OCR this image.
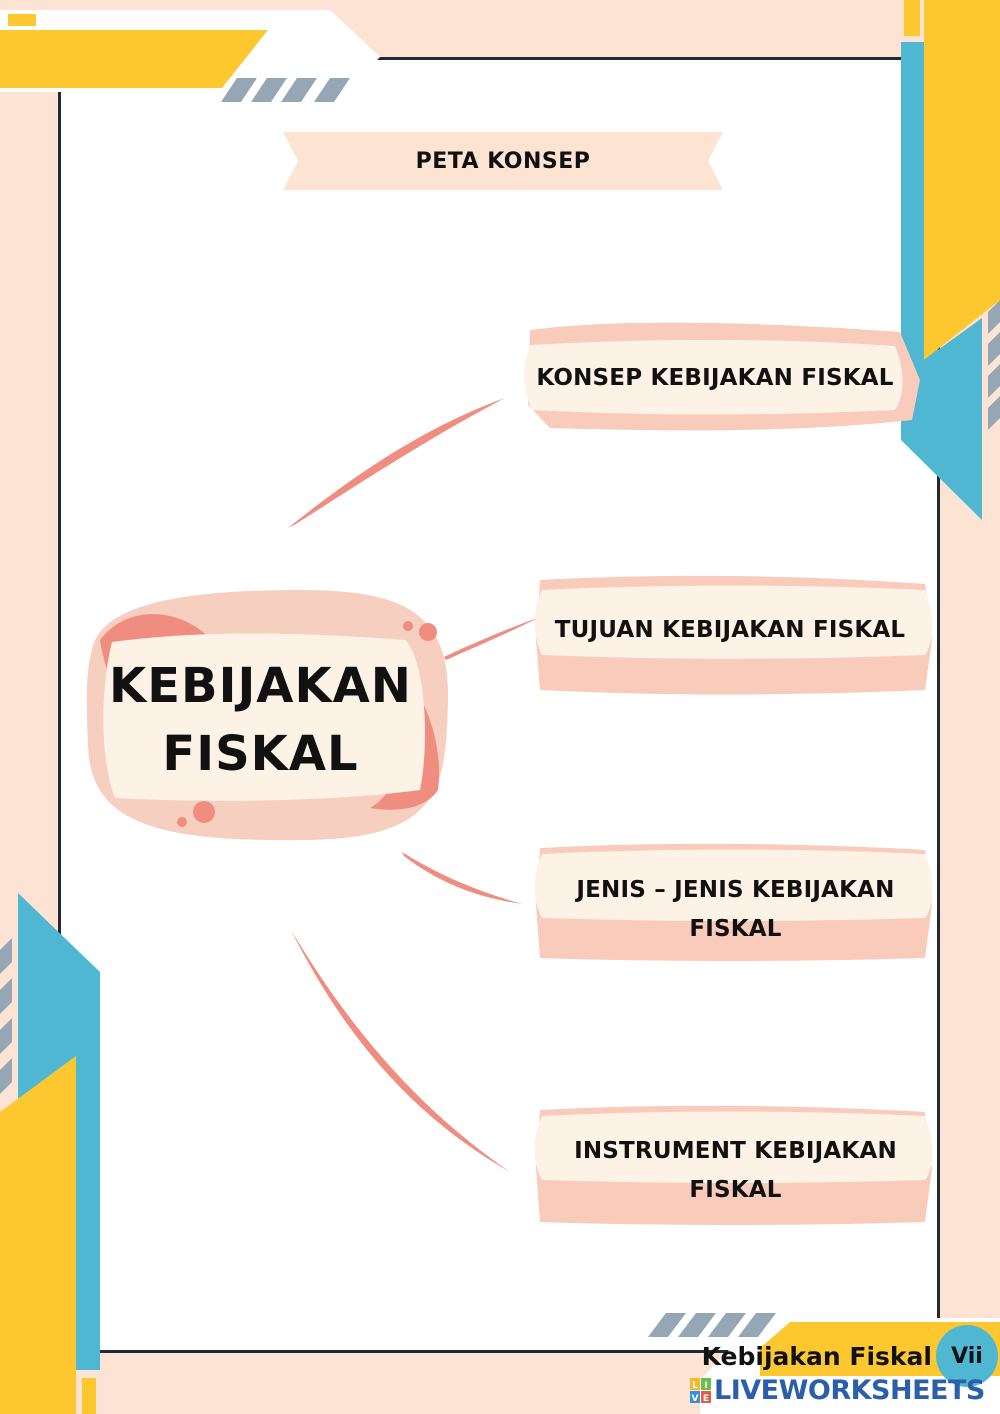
PETA KONSEP
KEBIJAKAN
FISKAL
KONSEP KEBIJAKAN FISKAL
TUJUAN KEBIJAKAN FISKAL
JENIS – JENIS KEBIJAKAN
FISKAL
INSTRUMENT KEBIJAKAN
FISKAL
Kebijakan Fiskal Vii
L I
V E LIVEWORKSHEETS
